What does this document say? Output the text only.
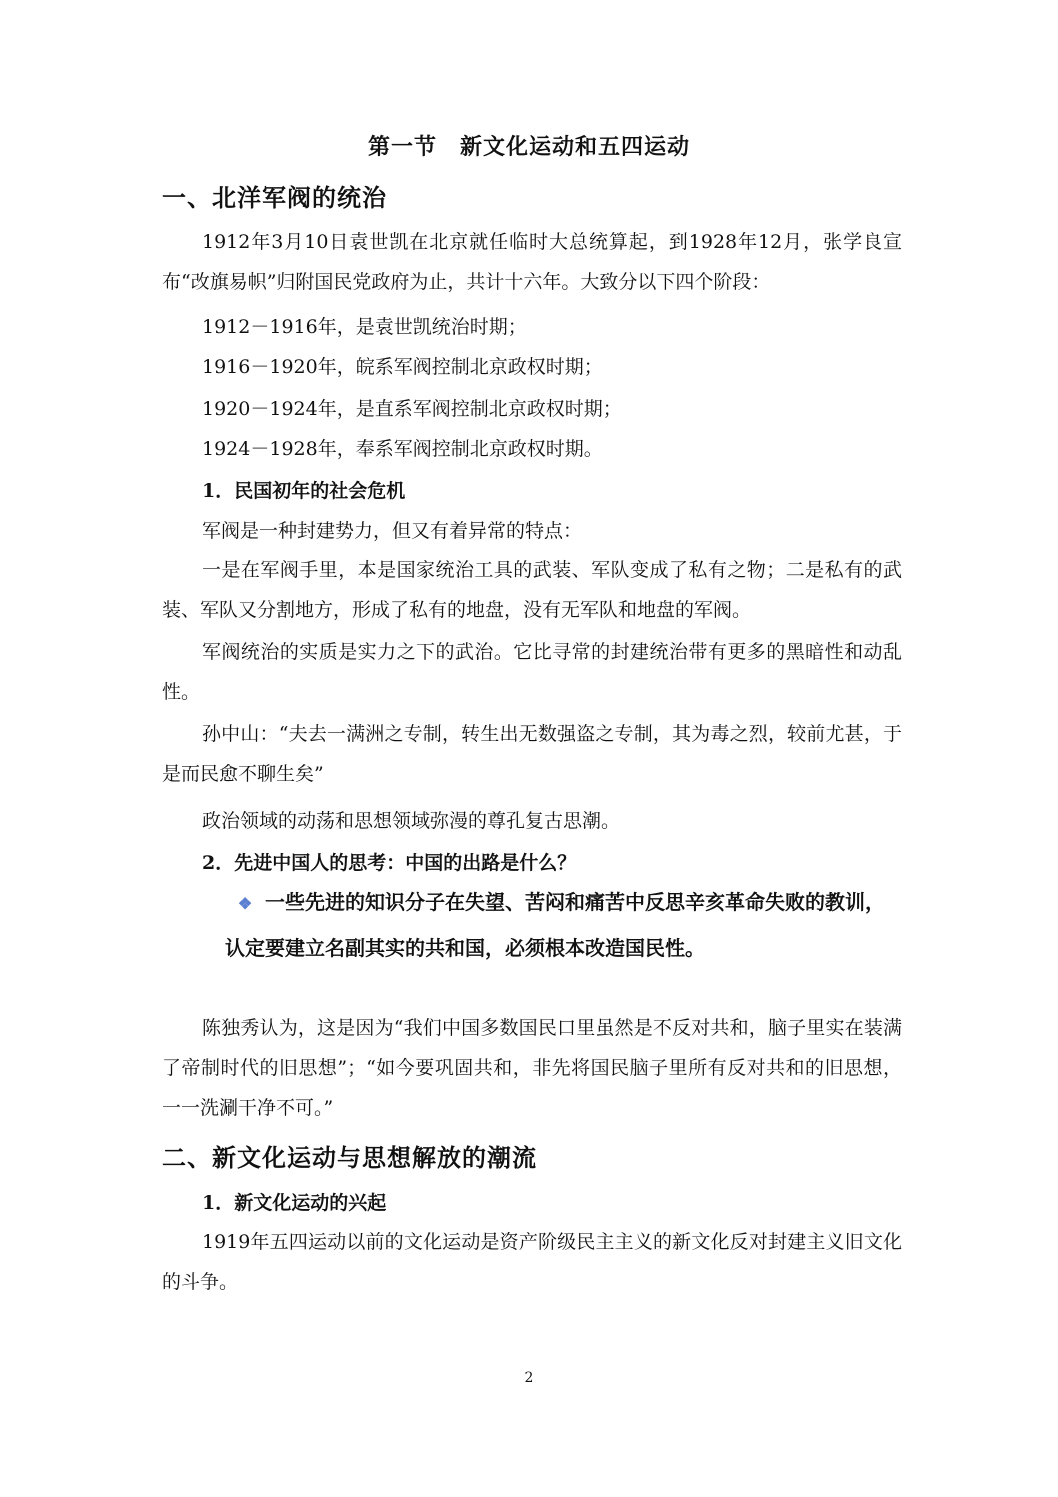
第一节　新文化运动和五四运动
一、北洋军阀的统治
1912年3月10日袁世凯在北京就任临时大总统算起，到1928年12月，张学良宣布“改旗易帜”归附国民党政府为止，共计十六年。大致分以下四个阶段：
1912－1916年，是袁世凯统治时期；
1916－1920年，皖系军阀控制北京政权时期；
1920－1924年，是直系军阀控制北京政权时期；
1924－1928年，奉系军阀控制北京政权时期。
1．民国初年的社会危机
军阀是一种封建势力，但又有着异常的特点：
一是在军阀手里，本是国家统治工具的武装、军队变成了私有之物；二是私有的武装、军队又分割地方，形成了私有的地盘，没有无军队和地盘的军阀。
军阀统治的实质是实力之下的武治。它比寻常的封建统治带有更多的黑暗性和动乱性。
孙中山：“夫去一满洲之专制，转生出无数强盗之专制，其为毒之烈，较前尤甚，于是而民愈不聊生矣”
政治领域的动荡和思想领域弥漫的尊孔复古思潮。
2．先进中国人的思考：中国的出路是什么？
❖ 一些先进的知识分子在失望、苦闷和痛苦中反思辛亥革命失败的教训，认定要建立名副其实的共和国，必须根本改造国民性。
陈独秀认为，这是因为“我们中国多数国民口里虽然是不反对共和，脑子里实在装满了帝制时代的旧思想”；“如今要巩固共和，非先将国民脑子里所有反对共和的旧思想，一一洗涮干净不可。”
二、新文化运动与思想解放的潮流
1．新文化运动的兴起
1919年五四运动以前的文化运动是资产阶级民主主义的新文化反对封建主义旧文化的斗争。
2
